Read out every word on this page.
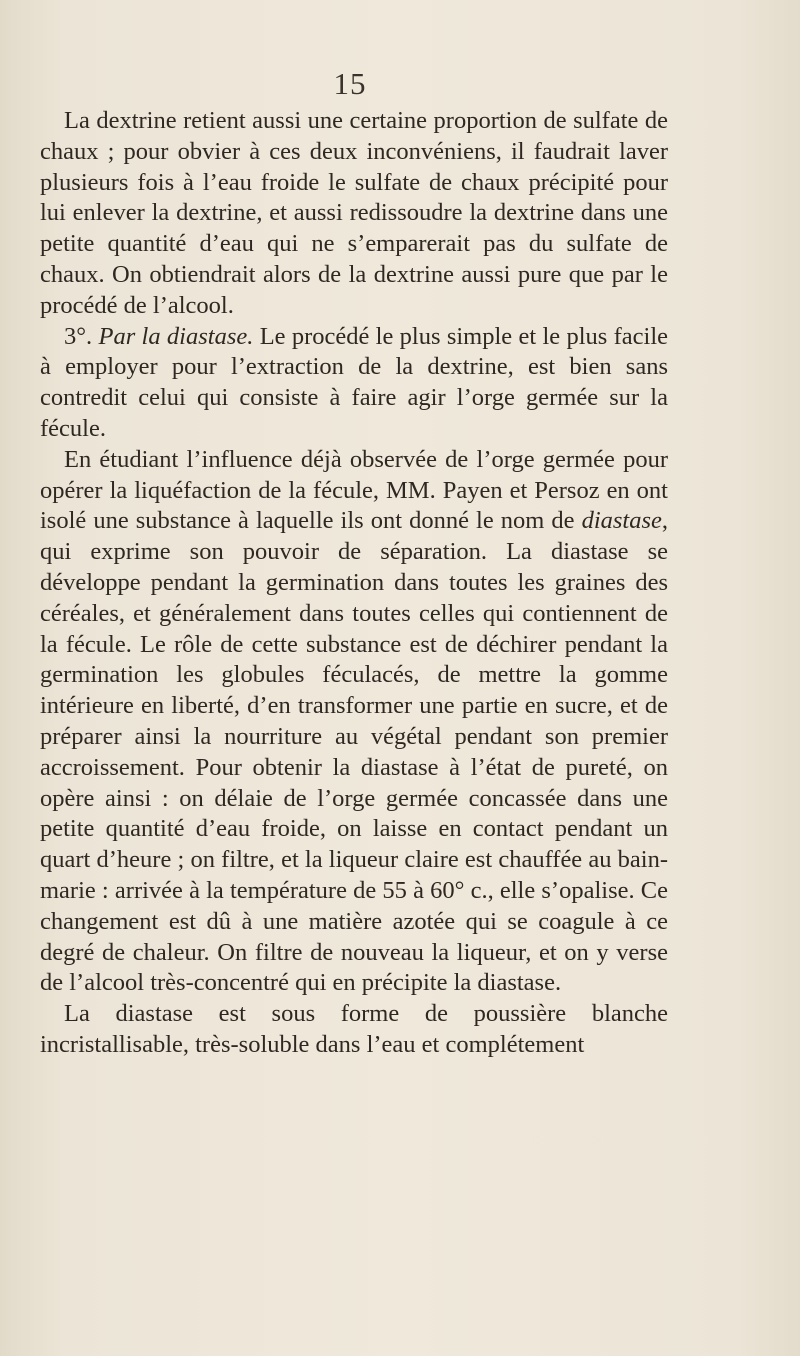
15

La dextrine retient aussi une certaine proportion de sulfate de chaux ; pour obvier à ces deux inconvéniens, il faudrait laver plusieurs fois à l’eau froide le sulfate de chaux précipité pour lui enlever la dextrine, et aussi redissoudre la dextrine dans une petite quantité d’eau qui ne s’emparerait pas du sulfate de chaux. On obtiendrait alors de la dextrine aussi pure que par le procédé de l’alcool.

3°. Par la diastase. Le procédé le plus simple et le plus facile à employer pour l’extraction de la dextrine, est bien sans contredit celui qui consiste à faire agir l’orge germée sur la fécule.

En étudiant l’influence déjà observée de l’orge germée pour opérer la liquéfaction de la fécule, MM. Payen et Persoz en ont isolé une substance à laquelle ils ont donné le nom de diastase, qui exprime son pouvoir de séparation. La diastase se développe pendant la germination dans toutes les graines des céréales, et généralement dans toutes celles qui contiennent de la fécule. Le rôle de cette substance est de déchirer pendant la germination les globules féculacés, de mettre la gomme intérieure en liberté, d’en transformer une partie en sucre, et de préparer ainsi la nourriture au végétal pendant son premier accroissement. Pour obtenir la diastase à l’état de pureté, on opère ainsi : on délaie de l’orge germée concassée dans une petite quantité d’eau froide, on laisse en contact pendant un quart d’heure ; on filtre, et la liqueur claire est chauffée au bain-marie : arrivée à la température de 55 à 60° c., elle s’opalise. Ce changement est dû à une matière azotée qui se coagule à ce degré de chaleur. On filtre de nouveau la liqueur, et on y verse de l’alcool très-concentré qui en précipite la diastase.

La diastase est sous forme de poussière blanche incristallisable, très-soluble dans l’eau et complétement
